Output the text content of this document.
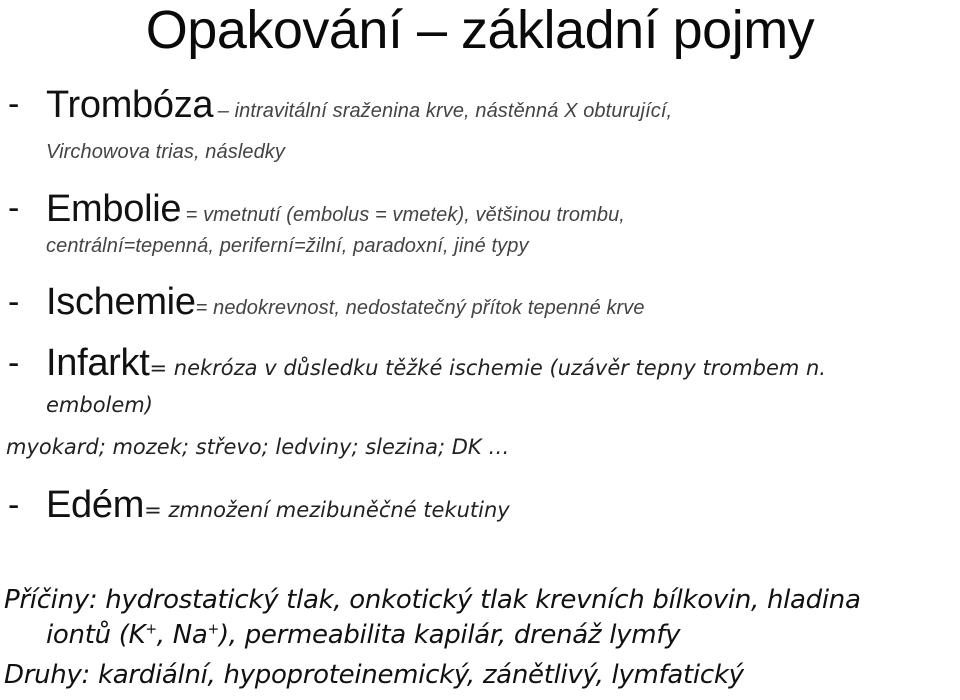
Opakování – základní pojmy
- Trombóza – intravitální sraženina krve, nástěnná X obturující,
Virchowova trias, následky
- Embolie = vmetnutí (embolus = vmetek), většinou trombu,
centrální=tepenná, periferní=žilní, paradoxní, jiné typy
- Ischemie= nedokrevnost, nedostatečný přítok tepenné krve
- Infarkt= nekróza v důsledku těžké ischemie (uzávěr tepny trombem n.
embolem)
myokard; mozek; střevo; ledviny; slezina; DK …
- Edém= zmnožení mezibuněčné tekutiny
Příčiny: hydrostatický tlak, onkotický tlak krevních bílkovin, hladina
iontů (K+, Na+), permeabilita kapilár, drenáž lymfy
Druhy: kardiální, hypoproteinemický, zánětlivý, lymfatický
